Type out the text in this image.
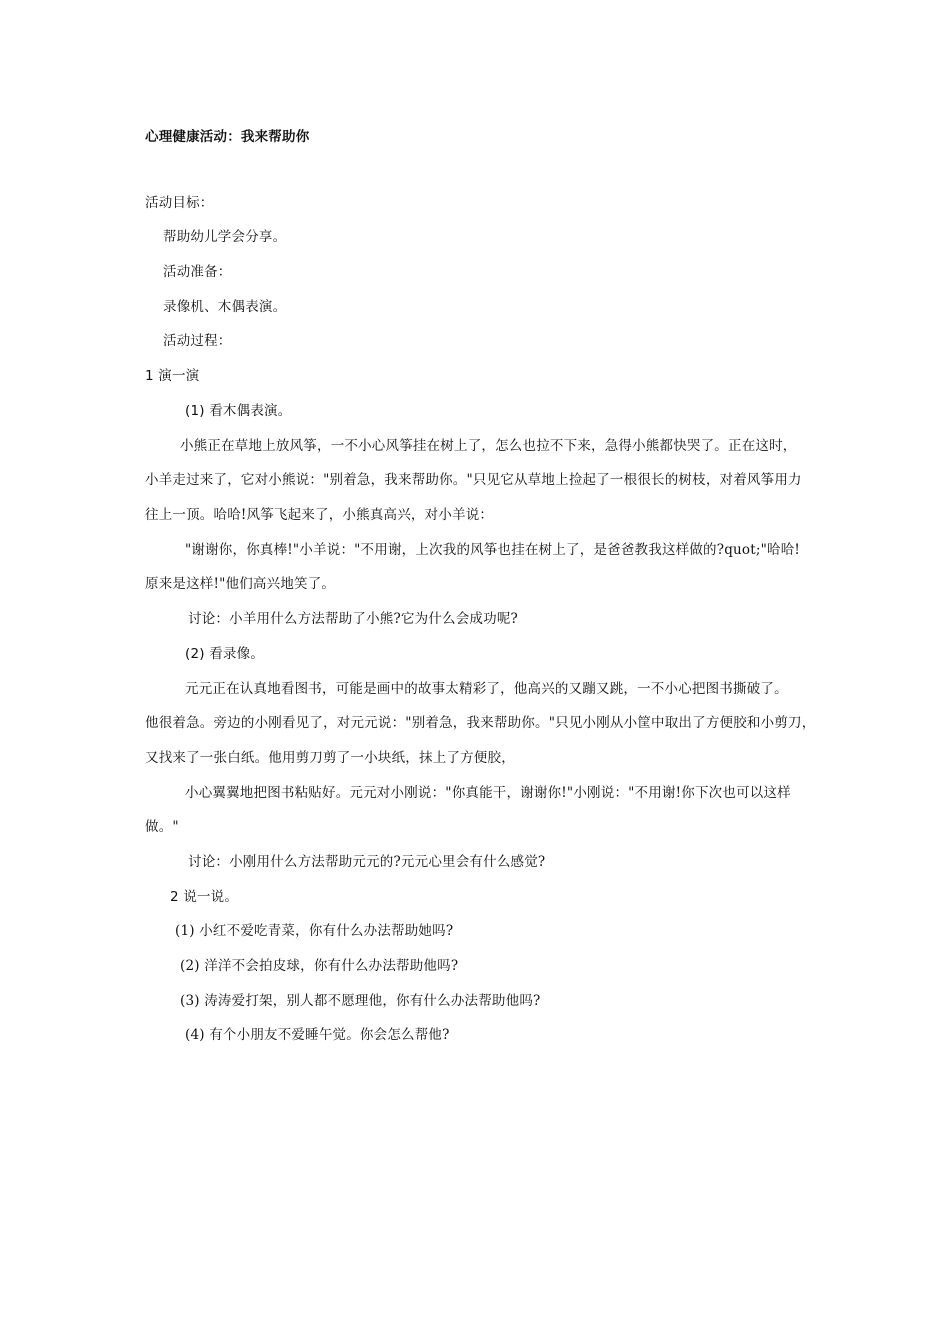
心理健康活动：我来帮助你
活动目标：
帮助幼儿学会分享。
活动准备：
录像机、木偶表演。
活动过程：
1 演一演
(1) 看木偶表演。
小熊正在草地上放风筝，一不小心风筝挂在树上了，怎么也拉不下来，急得小熊都快哭了。正在这时，
小羊走过来了，它对小熊说："别着急，我来帮助你。"只见它从草地上捡起了一根很长的树枝，对着风筝用力
往上一顶。哈哈!风筝飞起来了，小熊真高兴，对小羊说：
"谢谢你，你真棒!"小羊说："不用谢，上次我的风筝也挂在树上了，是爸爸教我这样做的?quot;"哈哈!
原来是这样!"他们高兴地笑了。
讨论：小羊用什么方法帮助了小熊?它为什么会成功呢?
(2) 看录像。
元元正在认真地看图书，可能是画中的故事太精彩了，他高兴的又蹦又跳，一不小心把图书撕破了。
他很着急。旁边的小刚看见了，对元元说："别着急，我来帮助你。"只见小刚从小筐中取出了方便胶和小剪刀，
又找来了一张白纸。他用剪刀剪了一小块纸，抹上了方便胶，
小心翼翼地把图书粘贴好。元元对小刚说："你真能干，谢谢你!"小刚说："不用谢!你下次也可以这样
做。"
讨论：小刚用什么方法帮助元元的?元元心里会有什么感觉?
2 说一说。
(1) 小红不爱吃青菜，你有什么办法帮助她吗?
(2) 洋洋不会拍皮球，你有什么办法帮助他吗?
(3) 涛涛爱打架，别人都不愿理他，你有什么办法帮助他吗?
(4) 有个小朋友不爱睡午觉。你会怎么帮他?
